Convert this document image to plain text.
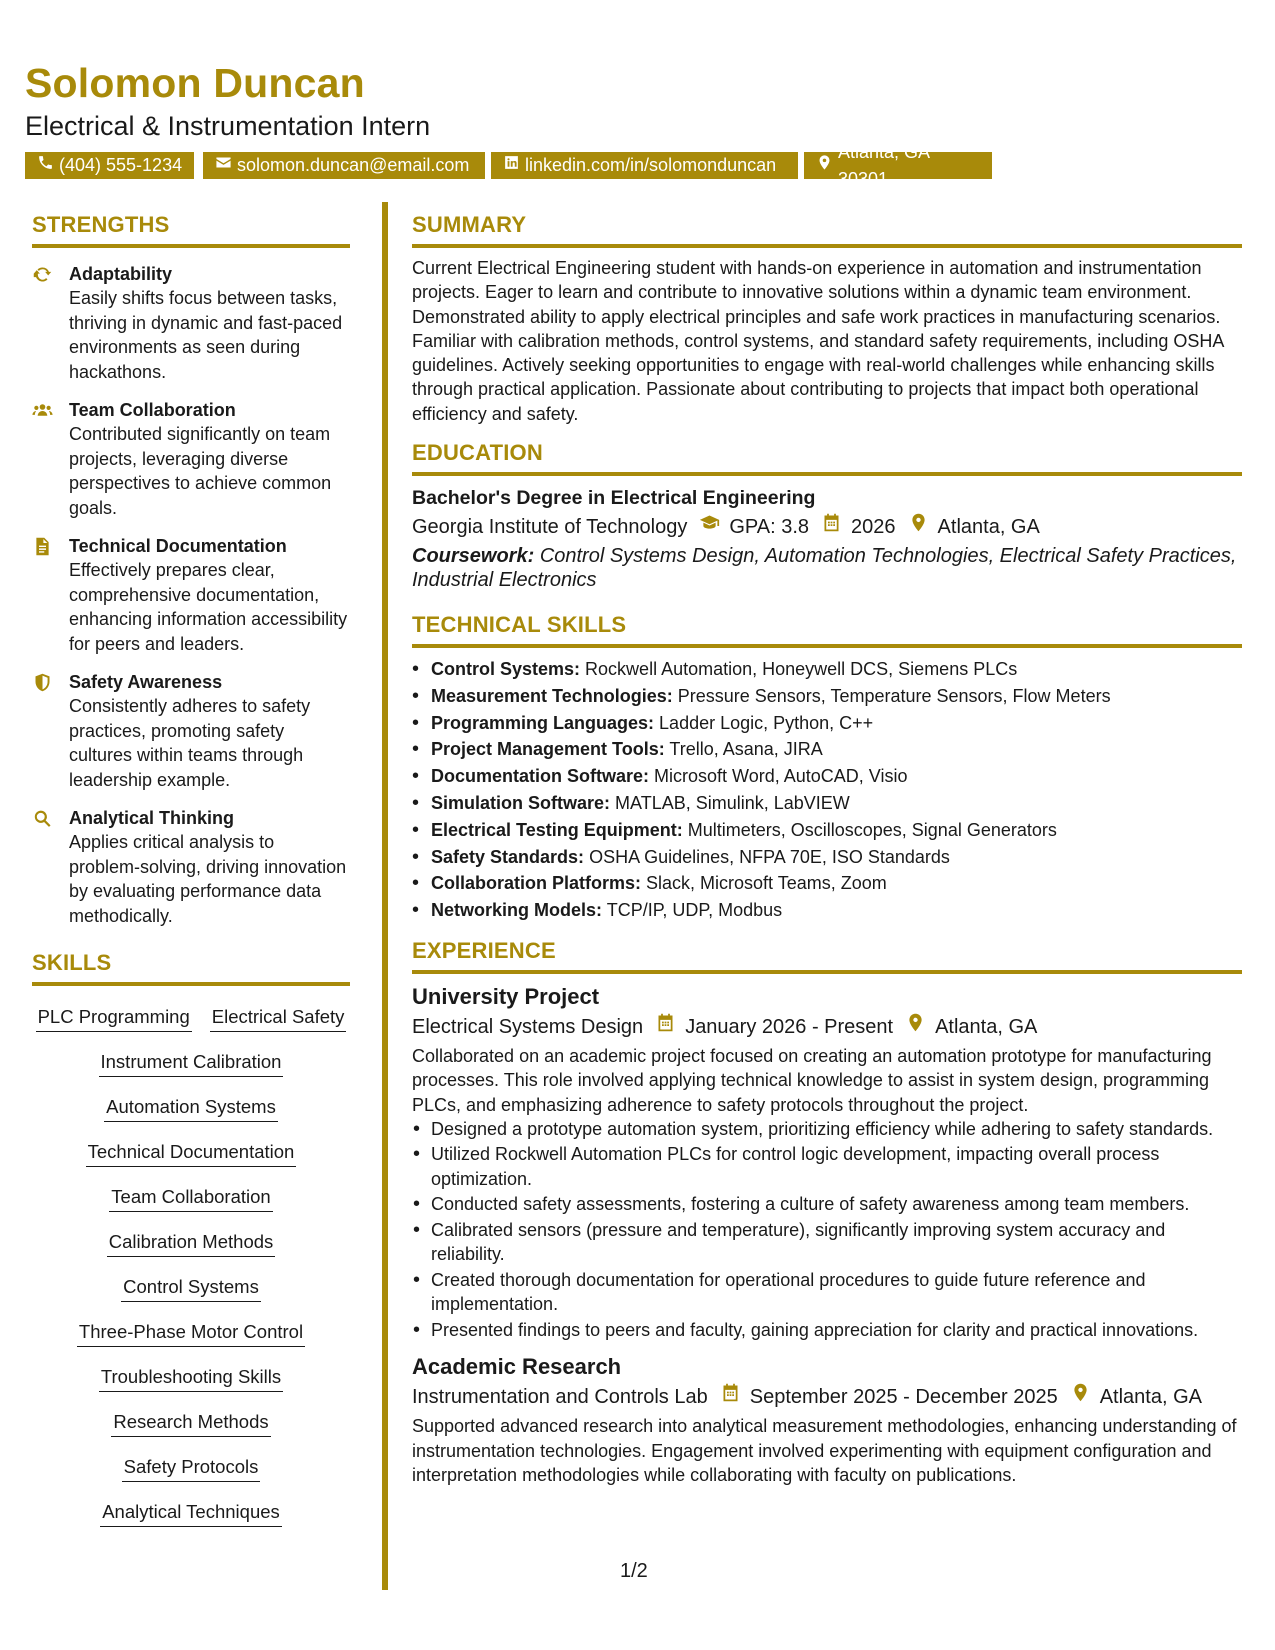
Solomon Duncan
Electrical & Instrumentation Intern
(404) 555-1234	solomon.duncan@email.com	linkedin.com/in/solomonduncan
Atlanta, GA 30301
STRENGTHS
Adaptability
Easily shifts focus between tasks, thriving in dynamic and fast-paced environments as seen during hackathons.
Team Collaboration
Contributed significantly on team projects, leveraging diverse perspectives to achieve common goals.
Technical Documentation
Effectively prepares clear, comprehensive documentation, enhancing information accessibility for peers and leaders.
Safety Awareness
Consistently adheres to safety practices, promoting safety cultures within teams through leadership example.
Analytical Thinking
Applies critical analysis to problem-solving, driving innovation by evaluating performance data methodically.
SKILLS
PLC Programming Electrical Safety
Instrument Calibration
Automation Systems
Technical Documentation
Team Collaboration
Calibration Methods
Control Systems
Three-Phase Motor Control
Troubleshooting Skills
Research Methods
Safety Protocols
Analytical Techniques
SUMMARY
Current Electrical Engineering student with hands-on experience in automation and instrumentation projects. Eager to learn and contribute to innovative solutions within a dynamic team environment. Demonstrated ability to apply electrical principles and safe work practices in manufacturing scenarios. Familiar with calibration methods, control systems, and standard safety requirements, including OSHA guidelines. Actively seeking opportunities to engage with real-world challenges while enhancing skills through practical application. Passionate about contributing to projects that impact both operational efficiency and safety.
EDUCATION
Bachelor's Degree in Electrical Engineering
Georgia Institute of Technology GPA: 3.8 2026 Atlanta, GA
Coursework: Control Systems Design, Automation Technologies, Electrical Safety Practices, Industrial Electronics
TECHNICAL SKILLS
• Control Systems: Rockwell Automation, Honeywell DCS, Siemens PLCs
• Measurement Technologies: Pressure Sensors, Temperature Sensors, Flow Meters
• Programming Languages: Ladder Logic, Python, C++
• Project Management Tools: Trello, Asana, JIRA
• Documentation Software: Microsoft Word, AutoCAD, Visio
• Simulation Software: MATLAB, Simulink, LabVIEW
• Electrical Testing Equipment: Multimeters, Oscilloscopes, Signal Generators
• Safety Standards: OSHA Guidelines, NFPA 70E, ISO Standards
• Collaboration Platforms: Slack, Microsoft Teams, Zoom
• Networking Models: TCP/IP, UDP, Modbus
EXPERIENCE
University Project
Electrical Systems Design January 2026 - Present Atlanta, GA
Collaborated on an academic project focused on creating an automation prototype for manufacturing processes. This role involved applying technical knowledge to assist in system design, programming PLCs, and emphasizing adherence to safety protocols throughout the project.
• Designed a prototype automation system, prioritizing efficiency while adhering to safety standards.
• Utilized Rockwell Automation PLCs for control logic development, impacting overall process optimization.
• Conducted safety assessments, fostering a culture of safety awareness among team members.
• Calibrated sensors (pressure and temperature), significantly improving system accuracy and reliability.
• Created thorough documentation for operational procedures to guide future reference and implementation.
• Presented findings to peers and faculty, gaining appreciation for clarity and practical innovations.
Academic Research
Instrumentation and Controls Lab September 2025 - December 2025 Atlanta, GA
Supported advanced research into analytical measurement methodologies, enhancing understanding of instrumentation technologies. Engagement involved experimenting with equipment configuration and interpretation methodologies while collaborating with faculty on publications.
1/2
